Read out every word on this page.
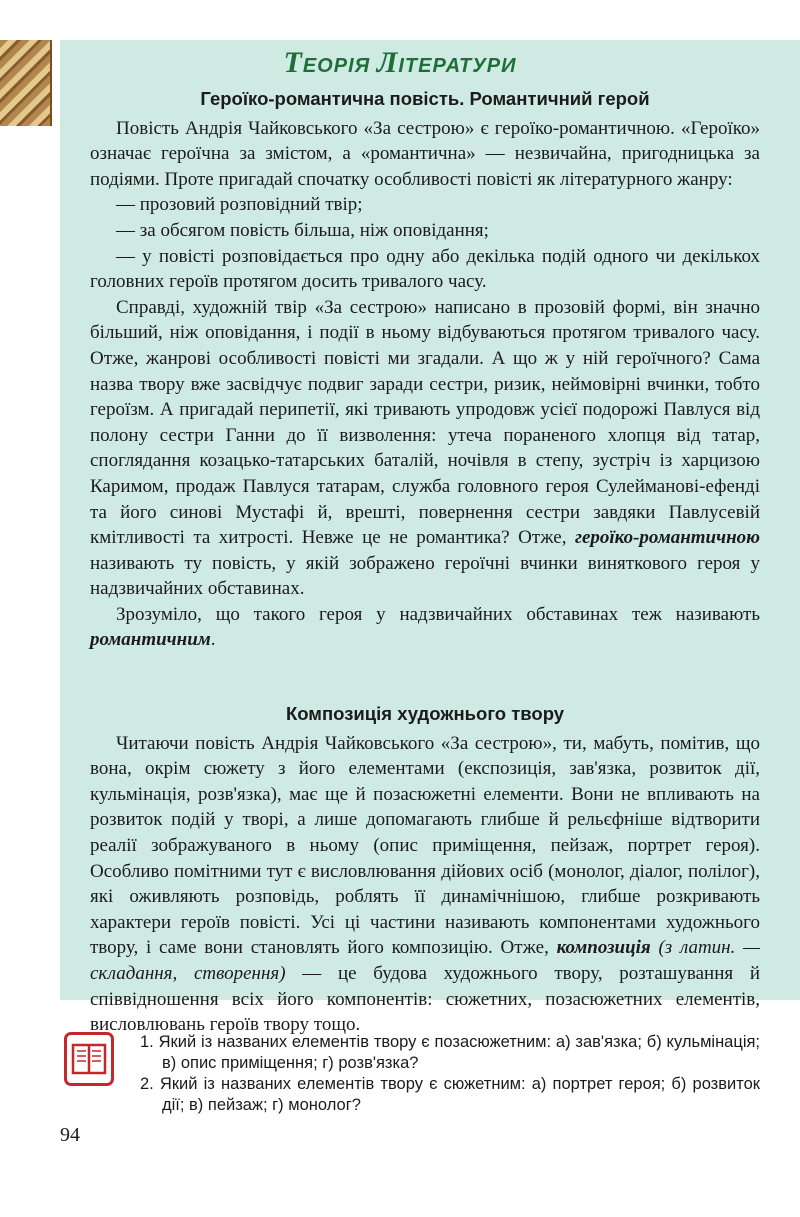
ТЕОРІЯ ЛІТЕРАТУРИ
Героїко-романтична повість. Романтичний герой

Повість Андрія Чайковського «За сестрою» є героїко-романтичною. «Героїко» означає героїчна за змістом, а «романтична» — незвичайна, пригодницька за подіями. Проте пригадай спочатку особливості повісті як літературного жанру:

— прозовий розповідний твір;

— за обсягом повість більша, ніж оповідання;

— у повісті розповідається про одну або декілька подій одного чи декількох головних героїв протягом досить тривалого часу.

Справді, художній твір «За сестрою» написано в прозовій формі, він значно більший, ніж оповідання, і події в ньому відбуваються протягом тривалого часу. Отже, жанрові особливості повісті ми згадали. А що ж у ній героїчного? Сама назва твору вже засвідчує подвиг заради сестри, ризик, неймовірні вчинки, тобто героїзм. А пригадай перипетії, які тривають упродовж усієї подорожі Павлуся від полону сестри Ганни до її визволення: утеча пораненого хлопця від татар, споглядання козацько-татарських баталій, ночівля в степу, зустріч із харцизою Каримом, продаж Павлуся татарам, служба головного героя Сулейманові-ефенді та його синові Мустафі й, врешті, повернення сестри завдяки Павлусевій кмітливості та хитрості. Невже це не романтика? Отже, героїко-романтичною називають ту повість, у якій зображено героїчні вчинки виняткового героя у надзвичайних обставинах.

Зрозуміло, що такого героя у надзвичайних обставинах теж називають романтичним.

Композиція художнього твору

Читаючи повість Андрія Чайковського «За сестрою», ти, мабуть, помітив, що вона, окрім сюжету з його елементами (експозиція, зав'язка, розвиток дії, кульмінація, розв'язка), має ще й позасюжетні елементи. Вони не впливають на розвиток подій у творі, а лише допомагають глибше й рельєфніше відтворити реалії зображуваного в ньому (опис приміщення, пейзаж, портрет героя). Особливо помітними тут є висловлювання дійових осіб (монолог, діалог, полілог), які оживляють розповідь, роблять її динамічнішою, глибше розкривають характери героїв повісті. Усі ці частини називають компонентами художнього твору, і саме вони становлять його композицію. Отже, композиція (з латин. — складання, створення) — це будова художнього твору, розташування й співвідношення всіх його компонентів: сюжетних, позасюжетних елементів, висловлювань героїв твору тощо.

1. Який із названих елементів твору є позасюжетним: а) зав'язка; б) кульмінація; в) опис приміщення; г) розв'язка?
2. Який із названих елементів твору є сюжетним: а) портрет героя; б) розвиток дії; в) пейзаж; г) монолог?
94
